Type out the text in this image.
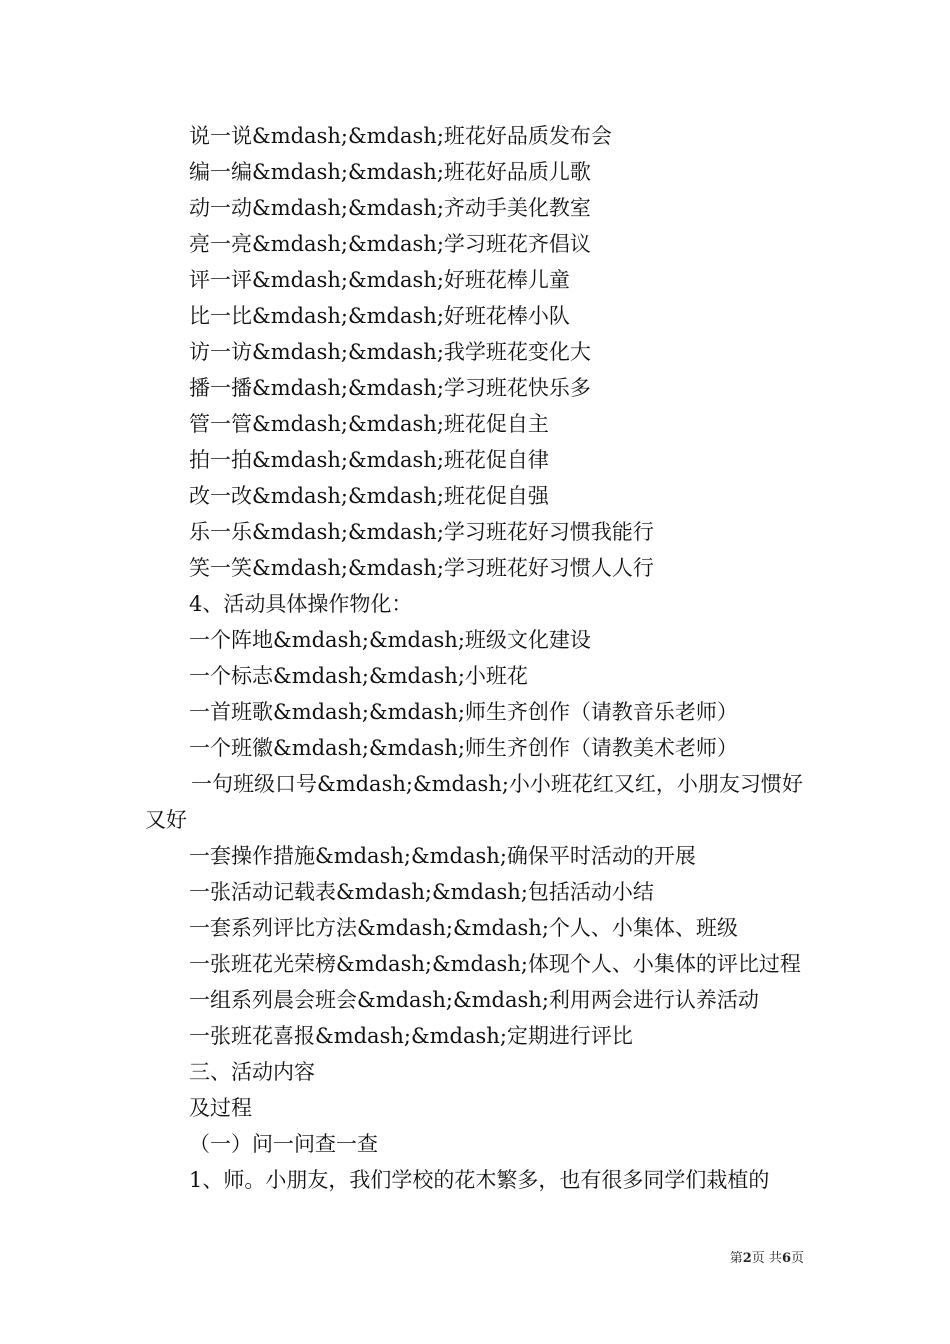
说一说&mdash;&mdash;班花好品质发布会
编一编&mdash;&mdash;班花好品质儿歌
动一动&mdash;&mdash;齐动手美化教室
亮一亮&mdash;&mdash;学习班花齐倡议
评一评&mdash;&mdash;好班花棒儿童
比一比&mdash;&mdash;好班花棒小队
访一访&mdash;&mdash;我学班花变化大
播一播&mdash;&mdash;学习班花快乐多
管一管&mdash;&mdash;班花促自主
拍一拍&mdash;&mdash;班花促自律
改一改&mdash;&mdash;班花促自强
乐一乐&mdash;&mdash;学习班花好习惯我能行
笑一笑&mdash;&mdash;学习班花好习惯人人行
4、活动具体操作物化：
一个阵地&mdash;&mdash;班级文化建设
一个标志&mdash;&mdash;小班花
一首班歌&mdash;&mdash;师生齐创作（请教音乐老师）
一个班徽&mdash;&mdash;师生齐创作（请教美术老师）
一句班级口号&mdash;&mdash;小小班花红又红，小朋友习惯好
又好
一套操作措施&mdash;&mdash;确保平时活动的开展
一张活动记载表&mdash;&mdash;包括活动小结
一套系列评比方法&mdash;&mdash;个人、小集体、班级
一张班花光荣榜&mdash;&mdash;体现个人、小集体的评比过程
一组系列晨会班会&mdash;&mdash;利用两会进行认养活动
一张班花喜报&mdash;&mdash;定期进行评比
三、活动内容
及过程
（一）问一问查一查
1、师。小朋友，我们学校的花木繁多，也有很多同学们栽植的
第2页 共6页
